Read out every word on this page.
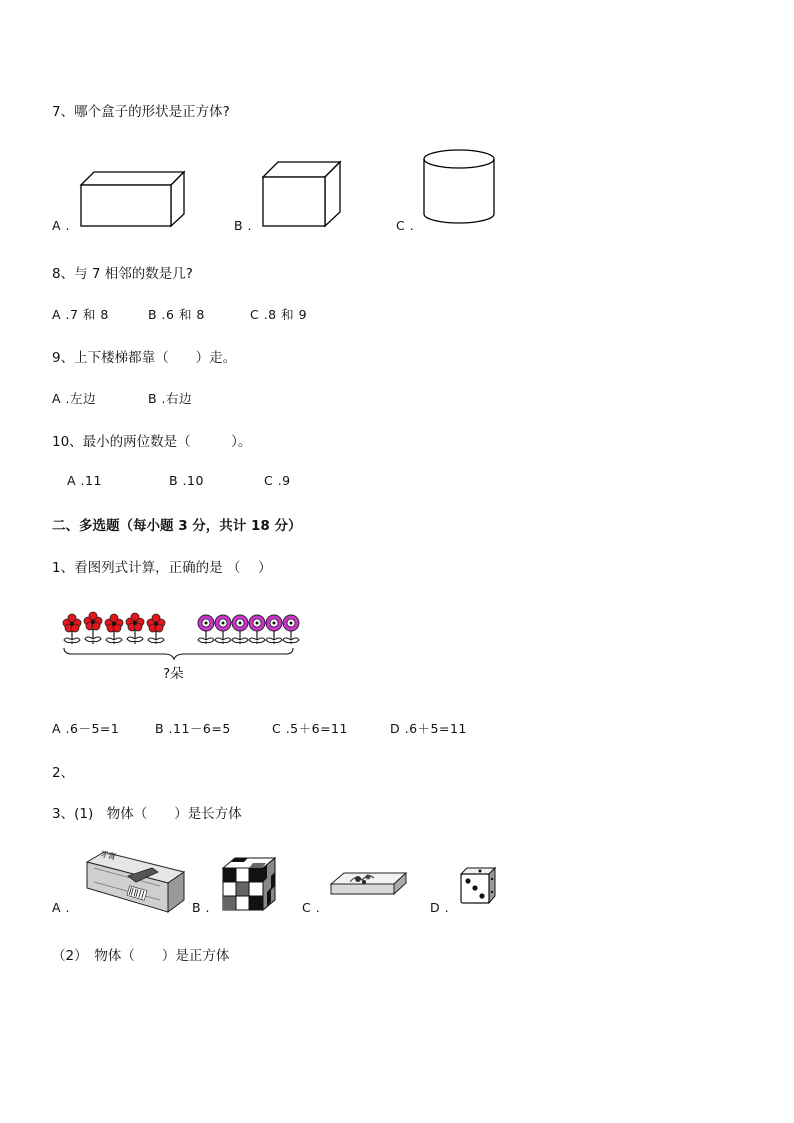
7、哪个盒子的形状是正方体?
A .	B .	C .
8、与 7 相邻的数是几?
A .7 和 8	B .6 和 8	C .8 和 9
9、上下楼梯都靠（　　）走。
A .左边	B .右边
10、最小的两位数是（　　　）。
A .11	B .10	C .9
二、多选题（每小题 3 分，共计 18 分）
1、看图列式计算，正确的是 （　 ）
?朵
A .6－5=1	B .11－6=5	C .5＋6=11	D .6＋5=11
2、
3、(1)　物体（　　）是长方体
A .
牙膏
B .	C .	D .
（2）　物体（　　）是正方体
